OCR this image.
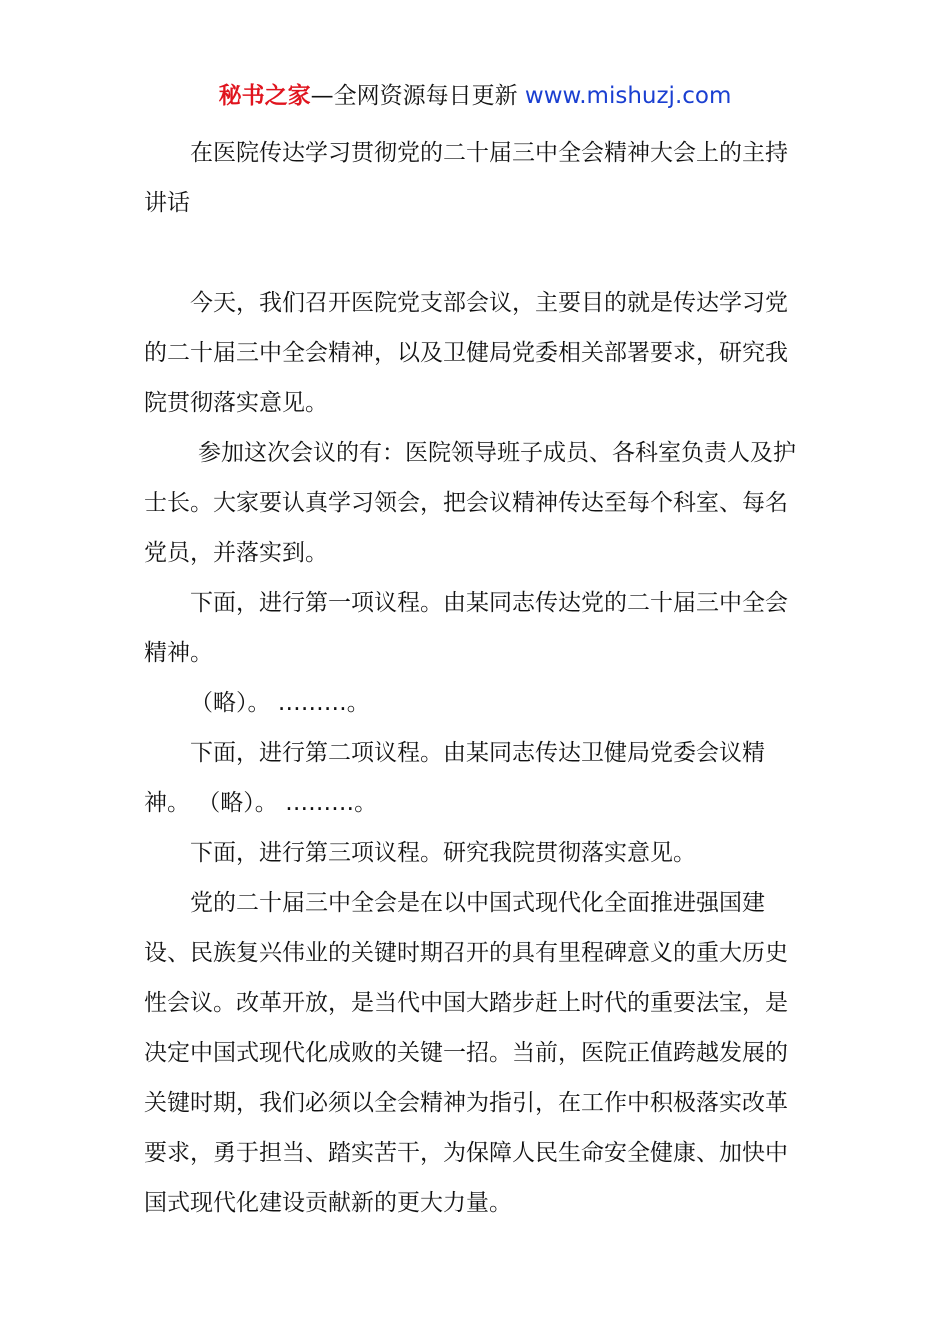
秘书之家—全网资源每日更新 www.mishuzj.com

在医院传达学习贯彻党的二十届三中全会精神大会上的主持讲话

今天，我们召开医院党支部会议，主要目的就是传达学习党的二十届三中全会精神，以及卫健局党委相关部署要求，研究我院贯彻落实意见。

参加这次会议的有：医院领导班子成员、各科室负责人及护士长。大家要认真学习领会，把会议精神传达至每个科室、每名党员，并落实到。

下面，进行第一项议程。由某同志传达党的二十届三中全会精神。

（略）。 ………。

下面，进行第二项议程。由某同志传达卫健局党委会议精神。 （略）。 ………。

下面，进行第三项议程。研究我院贯彻落实意见。

党的二十届三中全会是在以中国式现代化全面推进强国建设、民族复兴伟业的关键时期召开的具有里程碑意义的重大历史性会议。改革开放，是当代中国大踏步赶上时代的重要法宝，是决定中国式现代化成败的关键一招。当前，医院正值跨越发展的关键时期，我们必须以全会精神为指引，在工作中积极落实改革要求，勇于担当、踏实苦干，为保障人民生命安全健康、加快中国式现代化建设贡献新的更大力量。
